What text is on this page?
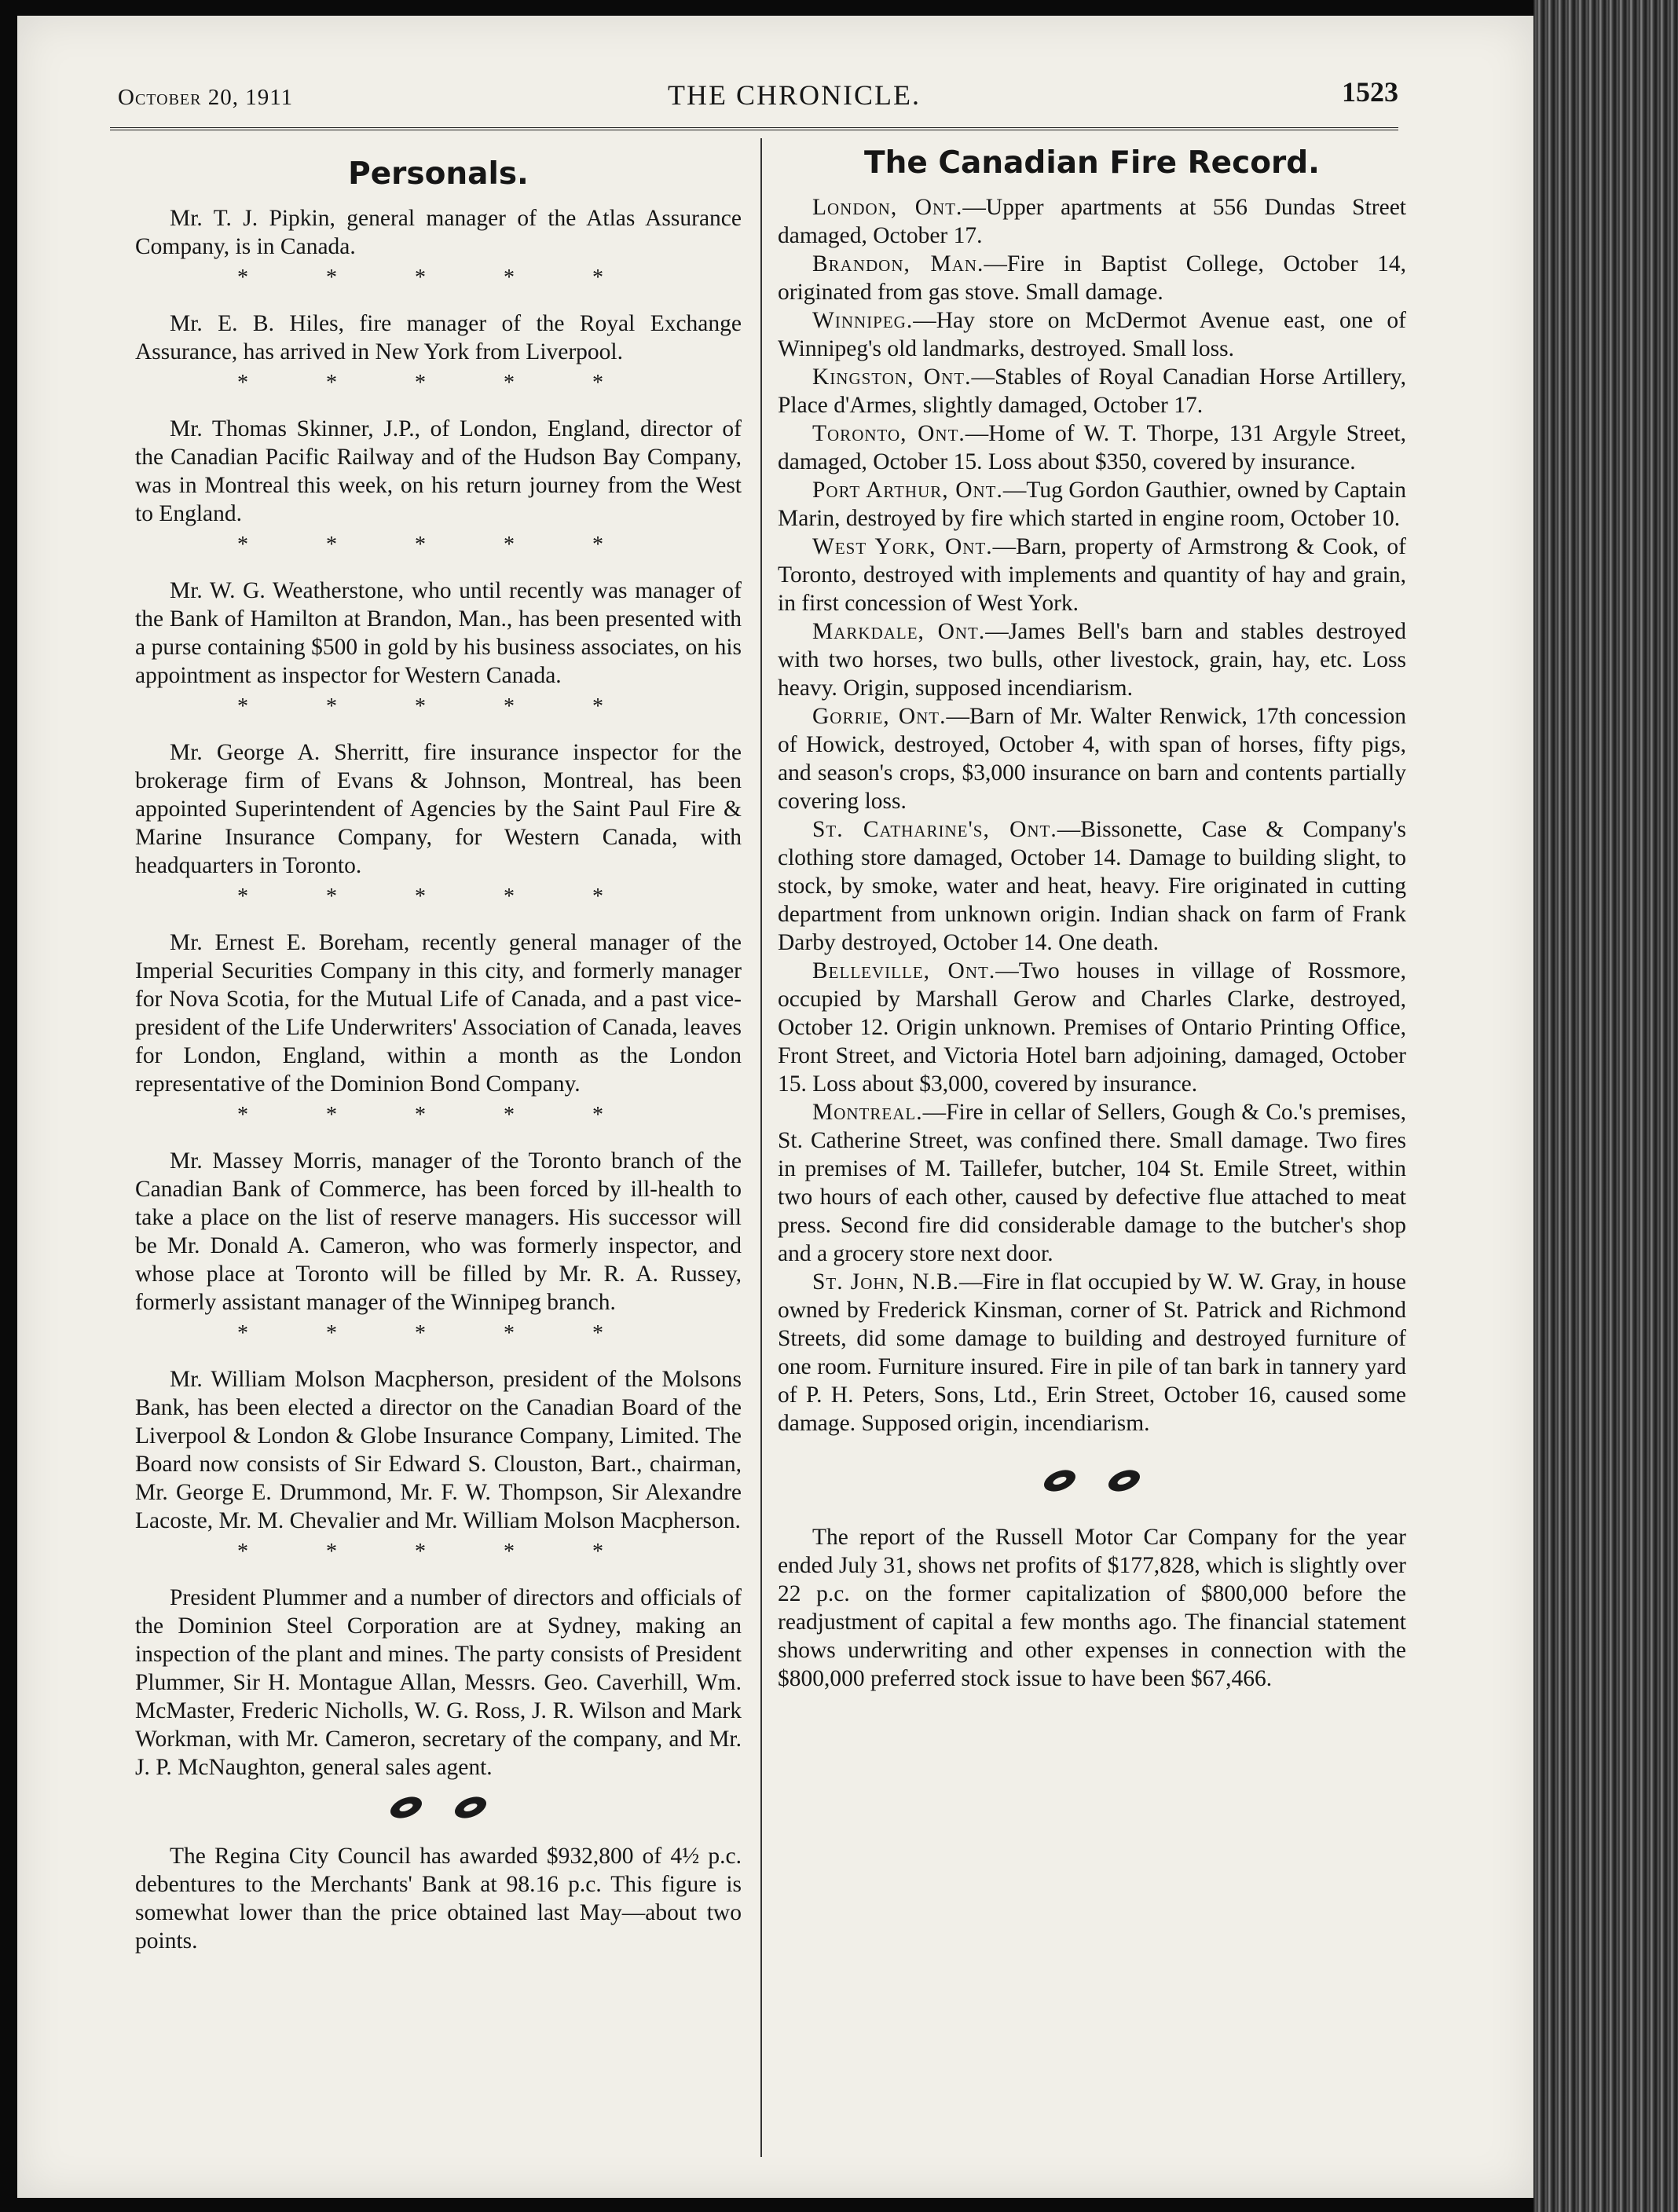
October 20, 1911	THE CHRONICLE.	1523
Personals.

Mr. T. J. Pipkin, general manager of the Atlas Assurance Company, is in Canada.

* * * * *

Mr. E. B. Hiles, fire manager of the Royal Exchange Assurance, has arrived in New York from Liverpool.

* * * * *

Mr. Thomas Skinner, J.P., of London, England, director of the Canadian Pacific Railway and of the Hudson Bay Company, was in Montreal this week, on his return journey from the West to England.

* * * * *

Mr. W. G. Weatherstone, who until recently was manager of the Bank of Hamilton at Brandon, Man., has been presented with a purse containing $500 in gold by his business associates, on his appointment as inspector for Western Canada.

* * * * *

Mr. George A. Sherritt, fire insurance inspector for the brokerage firm of Evans & Johnson, Montreal, has been appointed Superintendent of Agencies by the Saint Paul Fire & Marine Insurance Company, for Western Canada, with headquarters in Toronto.

* * * * *

Mr. Ernest E. Boreham, recently general manager of the Imperial Securities Company in this city, and formerly manager for Nova Scotia, for the Mutual Life of Canada, and a past vice-president of the Life Underwriters' Association of Canada, leaves for London, England, within a month as the London representative of the Dominion Bond Company.

* * * * *

Mr. Massey Morris, manager of the Toronto branch of the Canadian Bank of Commerce, has been forced by ill-health to take a place on the list of reserve managers. His successor will be Mr. Donald A. Cameron, who was formerly inspector, and whose place at Toronto will be filled by Mr. R. A. Russey, formerly assistant manager of the Winnipeg branch.

* * * * *

Mr. William Molson Macpherson, president of the Molsons Bank, has been elected a director on the Canadian Board of the Liverpool & London & Globe Insurance Company, Limited. The Board now consists of Sir Edward S. Clouston, Bart., chairman, Mr. George E. Drummond, Mr. F. W. Thompson, Sir Alexandre Lacoste, Mr. M. Chevalier and Mr. William Molson Macpherson.

* * * * *

President Plummer and a number of directors and officials of the Dominion Steel Corporation are at Sydney, making an inspection of the plant and mines. The party consists of President Plummer, Sir H. Montague Allan, Messrs. Geo. Caverhill, Wm. McMaster, Frederic Nicholls, W. G. Ross, J. R. Wilson and Mark Workman, with Mr. Cameron, secretary of the company, and Mr. J. P. McNaughton, general sales agent.

The Regina City Council has awarded $932,800 of 4½ p.c. debentures to the Merchants' Bank at 98.16 p.c. This figure is somewhat lower than the price obtained last May—about two points.

The Canadian Fire Record.

London, Ont.—Upper apartments at 556 Dundas Street damaged, October 17.

Brandon, Man.—Fire in Baptist College, October 14, originated from gas stove. Small damage.

Winnipeg.—Hay store on McDermot Avenue east, one of Winnipeg's old landmarks, destroyed. Small loss.

Kingston, Ont.—Stables of Royal Canadian Horse Artillery, Place d'Armes, slightly damaged, October 17.

Toronto, Ont.—Home of W. T. Thorpe, 131 Argyle Street, damaged, October 15. Loss about $350, covered by insurance.

Port Arthur, Ont.—Tug Gordon Gauthier, owned by Captain Marin, destroyed by fire which started in engine room, October 10.

West York, Ont.—Barn, property of Armstrong & Cook, of Toronto, destroyed with implements and quantity of hay and grain, in first concession of West York.

Markdale, Ont.—James Bell's barn and stables destroyed with two horses, two bulls, other livestock, grain, hay, etc. Loss heavy. Origin, supposed incendiarism.

Gorrie, Ont.—Barn of Mr. Walter Renwick, 17th concession of Howick, destroyed, October 4, with span of horses, fifty pigs, and season's crops, $3,000 insurance on barn and contents partially covering loss.

St. Catharine's, Ont.—Bissonette, Case & Company's clothing store damaged, October 14. Damage to building slight, to stock, by smoke, water and heat, heavy. Fire originated in cutting department from unknown origin. Indian shack on farm of Frank Darby destroyed, October 14. One death.

Belleville, Ont.—Two houses in village of Rossmore, occupied by Marshall Gerow and Charles Clarke, destroyed, October 12. Origin unknown. Premises of Ontario Printing Office, Front Street, and Victoria Hotel barn adjoining, damaged, October 15. Loss about $3,000, covered by insurance.

Montreal.—Fire in cellar of Sellers, Gough & Co.'s premises, St. Catherine Street, was confined there. Small damage. Two fires in premises of M. Taillefer, butcher, 104 St. Emile Street, within two hours of each other, caused by defective flue attached to meat press. Second fire did considerable damage to the butcher's shop and a grocery store next door.

St. John, N.B.—Fire in flat occupied by W. W. Gray, in house owned by Frederick Kinsman, corner of St. Patrick and Richmond Streets, did some damage to building and destroyed furniture of one room. Furniture insured. Fire in pile of tan bark in tannery yard of P. H. Peters, Sons, Ltd., Erin Street, October 16, caused some damage. Supposed origin, incendiarism.

The report of the Russell Motor Car Company for the year ended July 31, shows net profits of $177,828, which is slightly over 22 p.c. on the former capitalization of $800,000 before the readjustment of capital a few months ago. The financial statement shows underwriting and other expenses in connection with the $800,000 preferred stock issue to have been $67,466.
